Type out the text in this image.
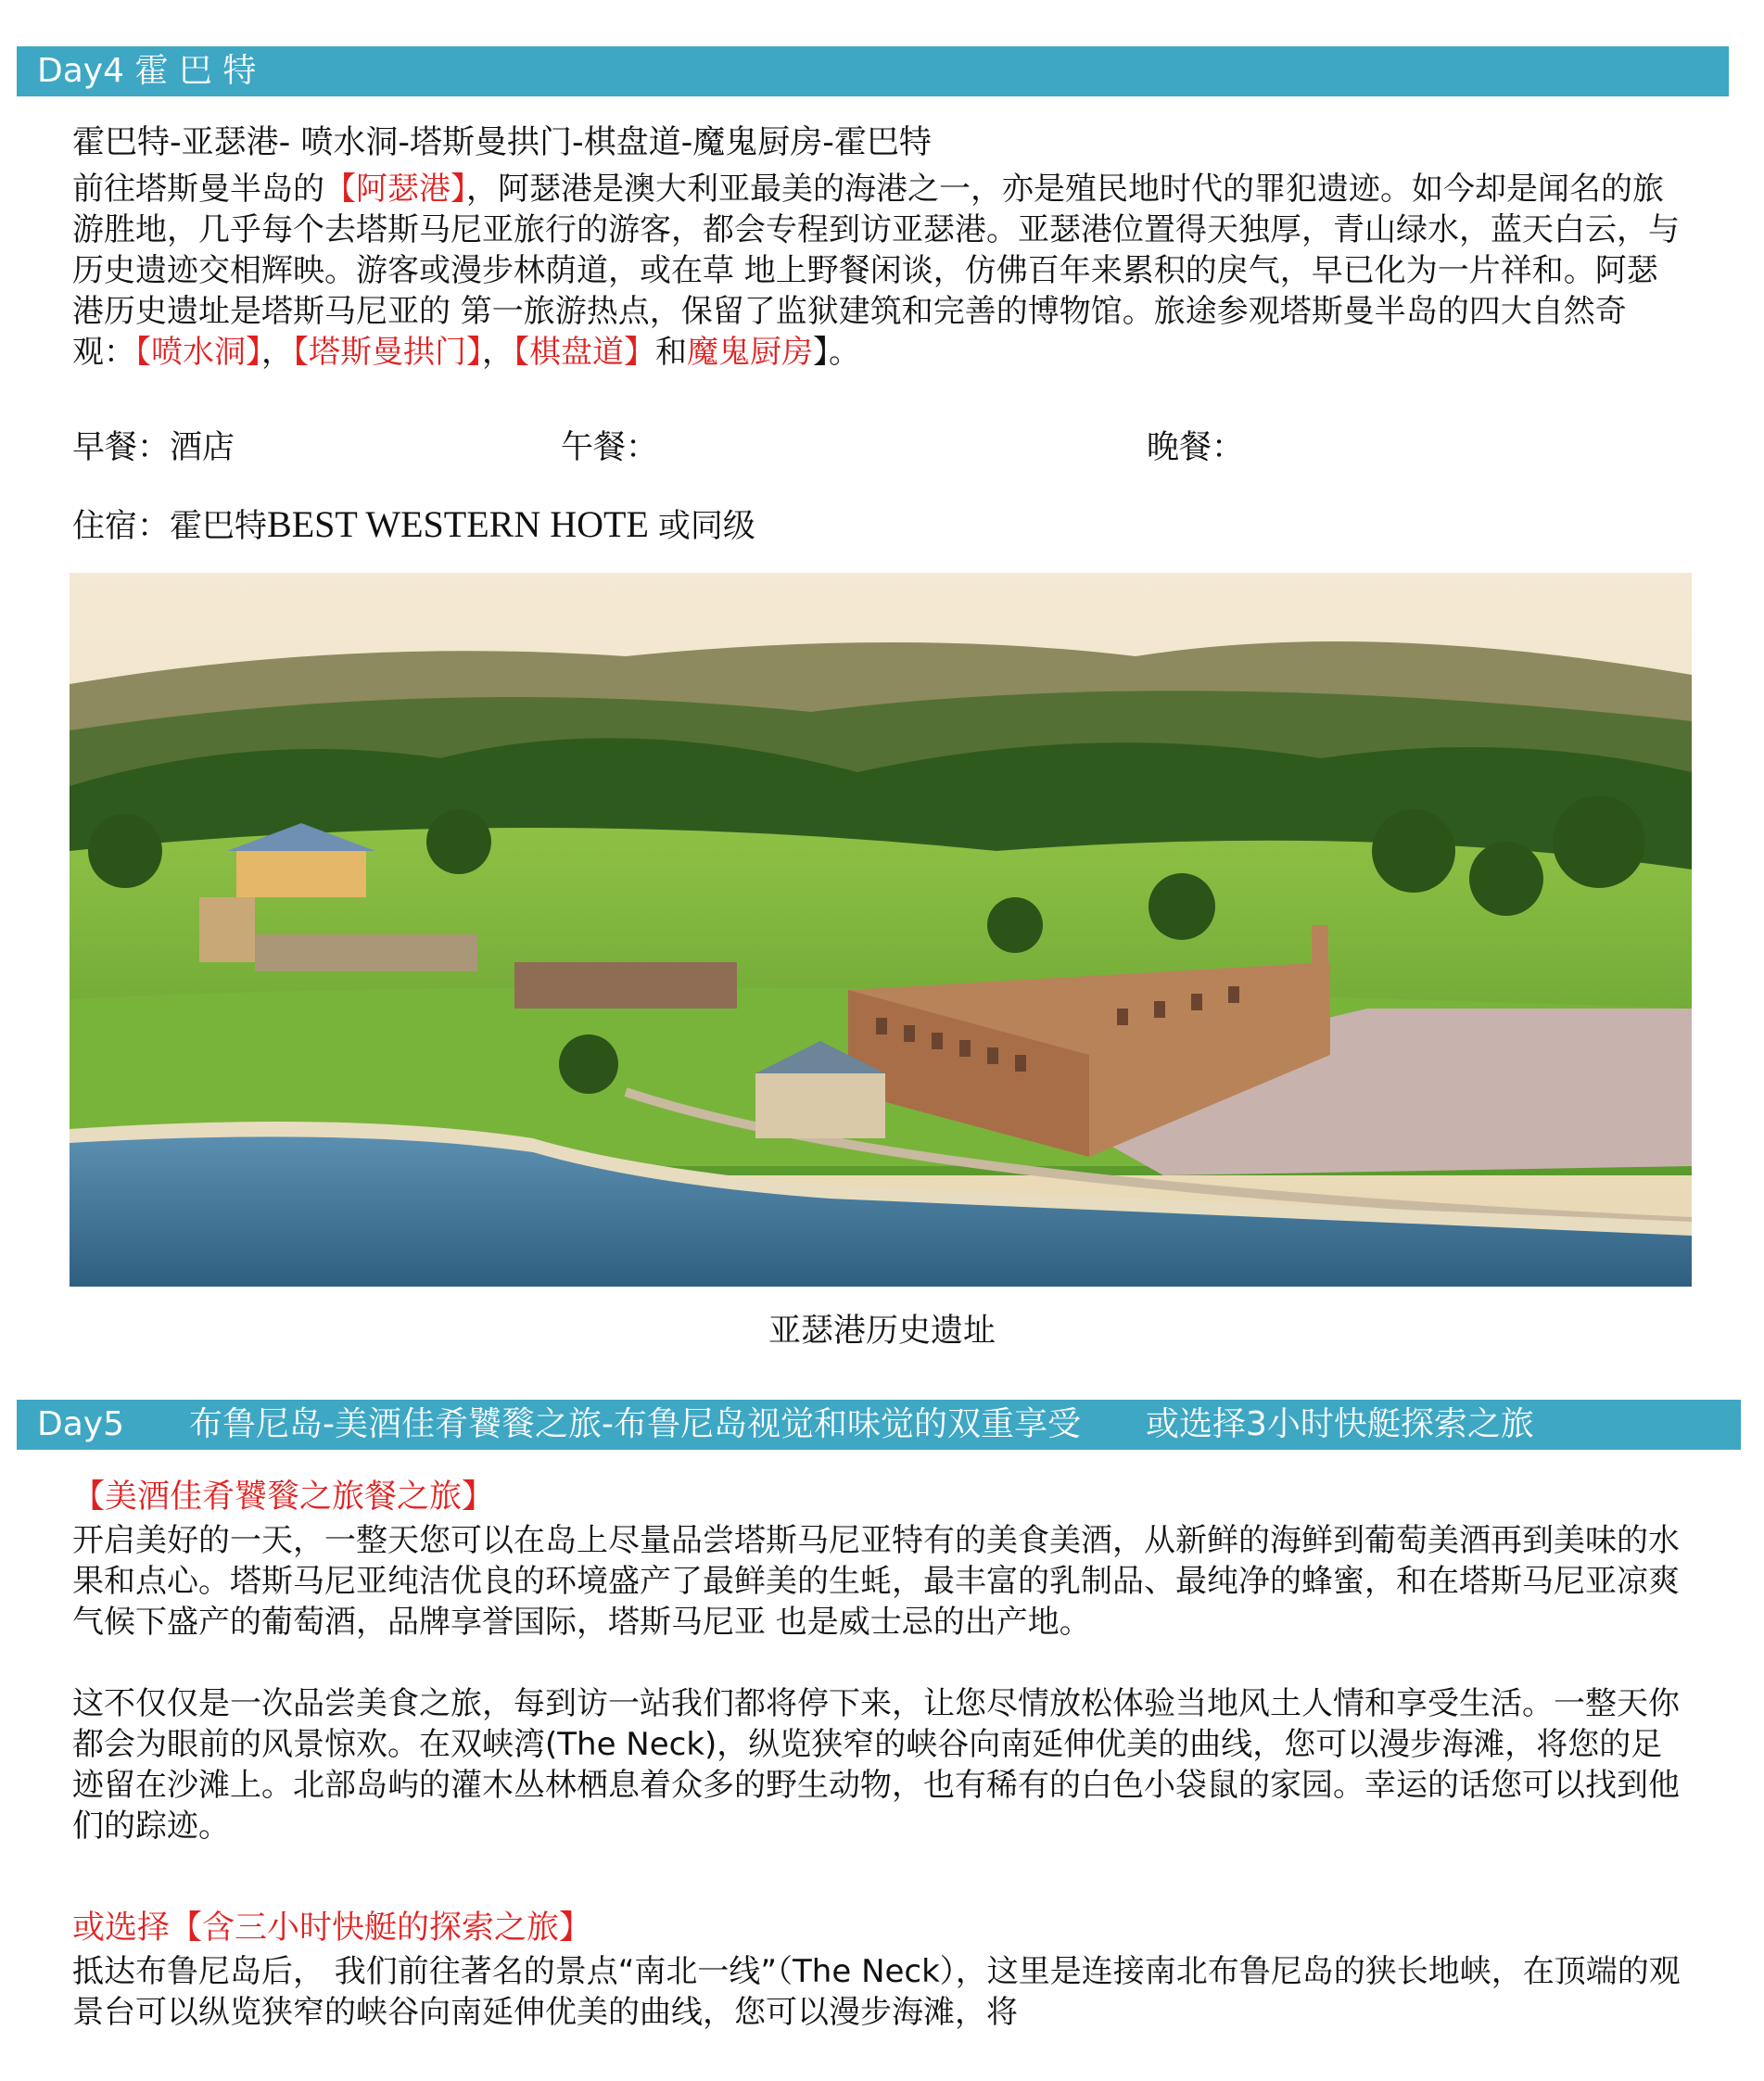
Day4 霍 巴 特
霍巴特-亚瑟港- 喷水洞-塔斯曼拱门-棋盘道-魔鬼厨房-霍巴特
前往塔斯曼半岛的【阿瑟港】，阿瑟港是澳大利亚最美的海港之一，亦是殖民地时代的罪犯遗迹。如今却是闻名的旅游胜地，几乎每个去塔斯马尼亚旅行的游客，都会专程到访亚瑟港。亚瑟港位置得天独厚，青山绿水，蓝天白云，与历史遗迹交相辉映。游客或漫步林荫道，或在草 地上野餐闲谈，仿佛百年来累积的戾气，早已化为一片祥和。阿瑟港历史遗址是塔斯马尼亚的 第一旅游热点，保留了监狱建筑和完善的博物馆。旅途参观塔斯曼半岛的四大自然奇观：【喷水洞】，【塔斯曼拱门】，【棋盘道】和魔鬼厨房】。
早餐：酒店	午餐：	晚餐：
住宿：霍巴特BEST WESTERN HOTE 或同级
亚瑟港历史遗址
Day5 布鲁尼岛-美酒佳肴饕餮之旅-布鲁尼岛视觉和味觉的双重享受 或选择3小时快艇探索之旅
【美酒佳肴饕餮之旅餐之旅】
开启美好的一天，一整天您可以在岛上尽量品尝塔斯马尼亚特有的美食美酒，从新鲜的海鲜到葡萄美酒再到美味的水果和点心。塔斯马尼亚纯洁优良的环境盛产了最鲜美的生蚝，最丰富的乳制品、最纯净的蜂蜜，和在塔斯马尼亚凉爽气候下盛产的葡萄酒，品牌享誉国际，塔斯马尼亚 也是威士忌的出产地。
这不仅仅是一次品尝美食之旅，每到访一站我们都将停下来，让您尽情放松体验当地风土人情和享受生活。一整天你都会为眼前的风景惊欢。在双峡湾(The Neck)，纵览狭窄的峡谷向南延伸优美的曲线，您可以漫步海滩，将您的足迹留在沙滩上。北部岛屿的灌木丛林栖息着众多的野生动物，也有稀有的白色小袋鼠的家园。幸运的话您可以找到他们的踪迹。
或选择【含三小时快艇的探索之旅】
抵达布鲁尼岛后， 我们前往著名的景点“南北一线”（The Neck），这里是连接南北布鲁尼岛的狭长地峡，在顶端的观景台可以纵览狭窄的峡谷向南延伸优美的曲线，您可以漫步海滩，将
